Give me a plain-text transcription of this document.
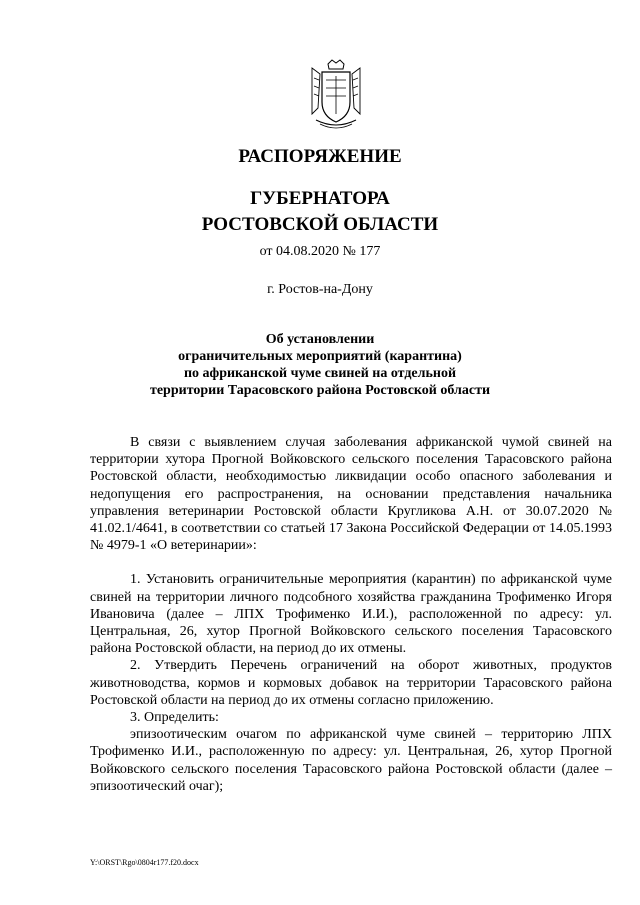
РАСПОРЯЖЕНИЕ
ГУБЕРНАТОРА
РОСТОВСКОЙ ОБЛАСТИ
от 04.08.2020 № 177
г. Ростов-на-Дону
Об установлении
ограничительных мероприятий (карантина)
по африканской чуме свиней на отдельной
территории Тарасовского района Ростовской области

В связи с выявлением случая заболевания африканской чумой свиней на территории хутора Прогной Войковского сельского поселения Тарасовского района Ростовской области, необходимостью ликвидации особо опасного заболевания и недопущения его распространения, на основании представления начальника управления ветеринарии Ростовской области Кругликова А.Н. от 30.07.2020 № 41.02.1/4641, в соответствии со статьей 17 Закона Российской Федерации от 14.05.1993 № 4979-1 «О ветеринарии»:

1. Установить ограничительные мероприятия (карантин) по африканской чуме свиней на территории личного подсобного хозяйства гражданина Трофименко Игоря Ивановича (далее – ЛПХ Трофименко И.И.), расположенной по адресу: ул. Центральная, 26, хутор Прогной Войковского сельского поселения Тарасовского района Ростовской области, на период до их отмены.

2. Утвердить Перечень ограничений на оборот животных, продуктов животноводства, кормов и кормовых добавок на территории Тарасовского района Ростовской области на период до их отмены согласно приложению.

3. Определить:

эпизоотическим очагом по африканской чуме свиней – территорию ЛПХ Трофименко И.И., расположенную по адресу: ул. Центральная, 26, хутор Прогной Войковского сельского поселения Тарасовского района Ростовской области (далее – эпизоотический очаг);

Y:\ORST\Rgo\0804r177.f20.docx
